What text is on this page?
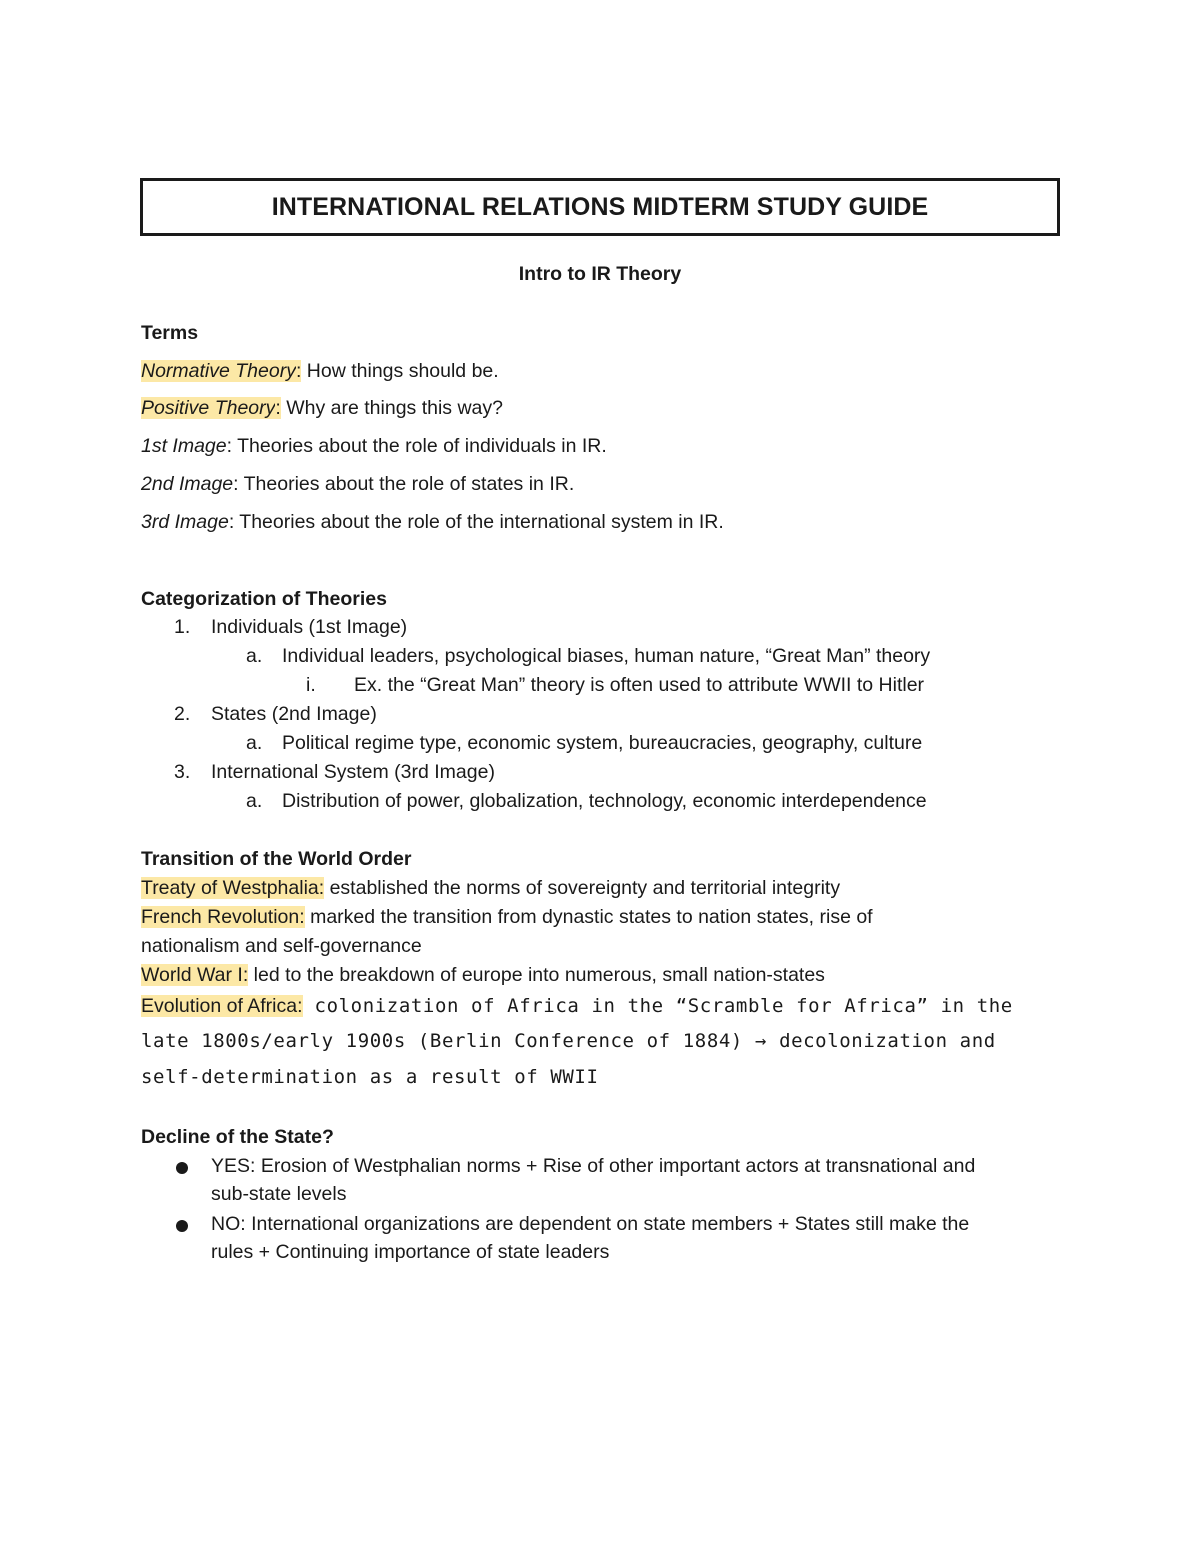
INTERNATIONAL RELATIONS MIDTERM STUDY GUIDE
Intro to IR Theory
Terms
Normative Theory: How things should be.
Positive Theory: Why are things this way?
1st Image: Theories about the role of individuals in IR.
2nd Image: Theories about the role of states in IR.
3rd Image: Theories about the role of the international system in IR.
Categorization of Theories
1. Individuals (1st Image)
a. Individual leaders, psychological biases, human nature, “Great Man” theory
i. Ex. the “Great Man” theory is often used to attribute WWII to Hitler
2. States (2nd Image)
a. Political regime type, economic system, bureaucracies, geography, culture
3. International System (3rd Image)
a. Distribution of power, globalization, technology, economic interdependence
Transition of the World Order
Treaty of Westphalia: established the norms of sovereignty and territorial integrity
French Revolution: marked the transition from dynastic states to nation states, rise of
nationalism and self-governance
World War I: led to the breakdown of europe into numerous, small nation-states
Evolution of Africa: colonization of Africa in the “Scramble for Africa” in the
late 1800s/early 1900s (Berlin Conference of 1884) → decolonization and
self-determination as a result of WWII
Decline of the State?
YES: Erosion of Westphalian norms + Rise of other important actors at transnational and
sub-state levels
NO: International organizations are dependent on state members + States still make the
rules + Continuing importance of state leaders
